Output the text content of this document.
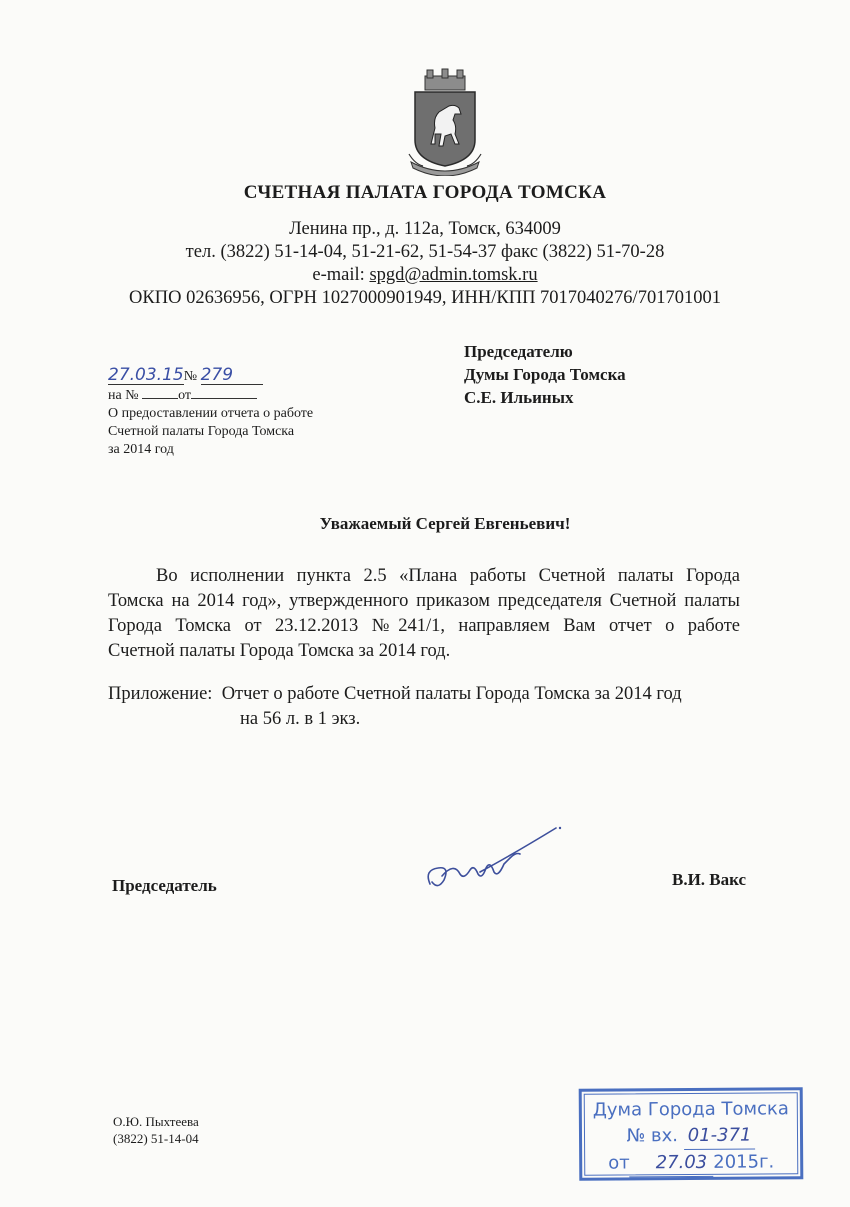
СЧЕТНАЯ ПАЛАТА ГОРОДА ТОМСКА
Ленина пр., д. 112а, Томск, 634009
тел. (3822) 51-14-04, 51-21-62, 51-54-37 факс (3822) 51-70-28
e-mail: spgd@admin.tomsk.ru
ОКПО 02636956, ОГРН 1027000901949, ИНН/КПП 7017040276/701701001
Председателю
Думы Города Томска
С.Е. Ильиных
27.03.15№ 279
на №	от
О предоставлении отчета о работе
Счетной палаты Города Томска
за 2014 год
Уважаемый Сергей Евгеньевич!
Во исполнении пункта 2.5 «Плана работы Счетной палаты Города
Томска на 2014 год», утвержденного приказом председателя Счетной палаты
Города Томска от 23.12.2013 №241/1, направляем Вам отчет о работе
Счетной палаты Города Томска за 2014 год.
Приложение: Отчет о работе Счетной палаты Города Томска за 2014 год
на 56 л. в 1 экз.
Председатель	В.И. Вакс
О.Ю. Пыхтеева
(3822) 51-14-04
Дума Города Томска
№ вх. 01-371
от 27.03 2015г.
